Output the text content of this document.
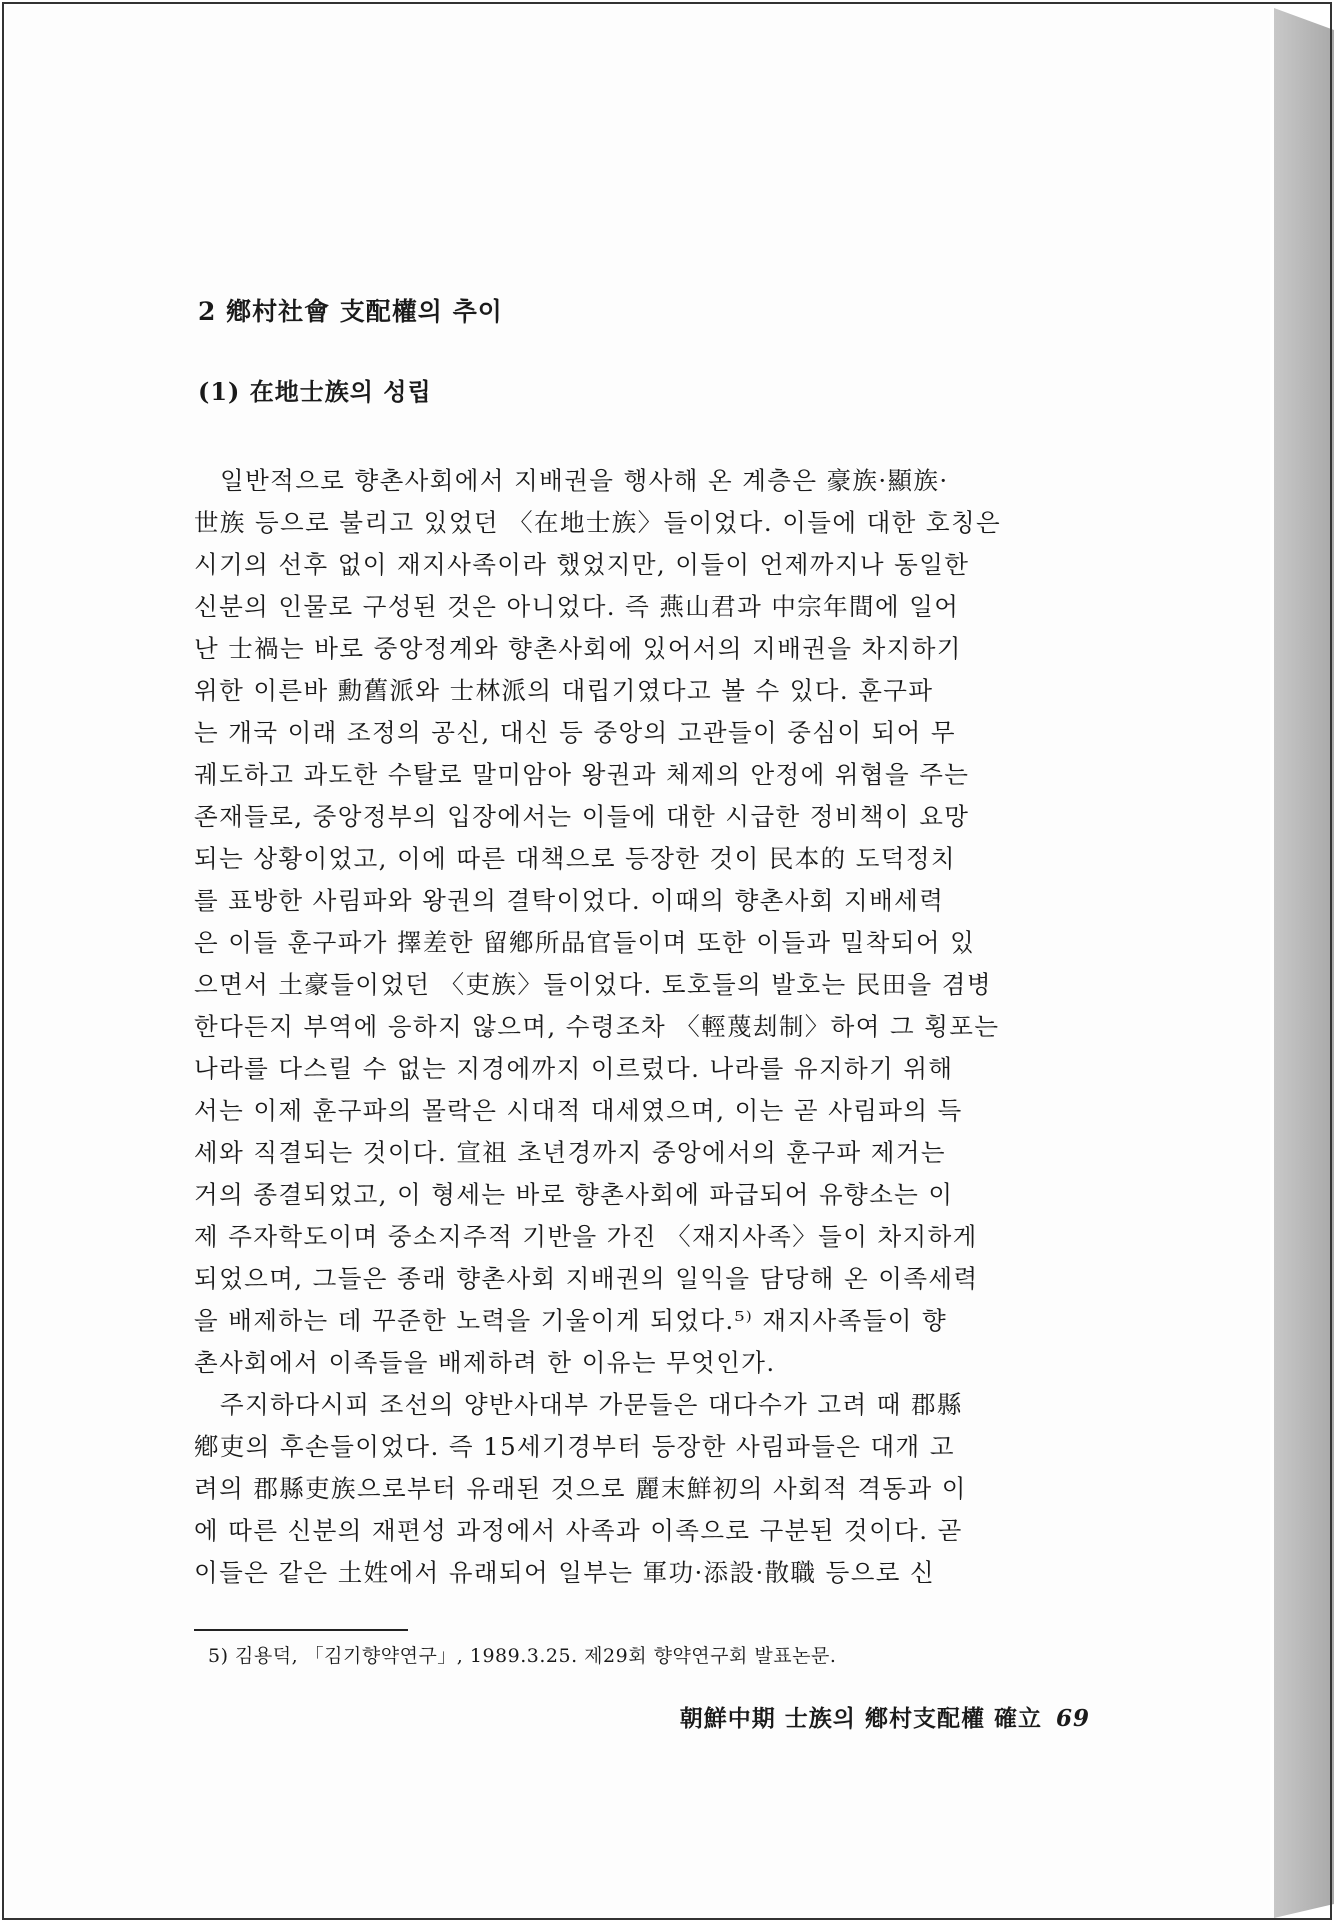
2 鄕村社會 支配權의 추이
(1) 在地士族의 성립
일반적으로 향촌사회에서 지배권을 행사해 온 계층은 豪族·顯族·
世族 등으로 불리고 있었던 〈在地士族〉들이었다. 이들에 대한 호칭은
시기의 선후 없이 재지사족이라 했었지만, 이들이 언제까지나 동일한
신분의 인물로 구성된 것은 아니었다. 즉 燕山君과 中宗年間에 일어
난 士禍는 바로 중앙정계와 향촌사회에 있어서의 지배권을 차지하기
위한 이른바 勳舊派와 士林派의 대립기였다고 볼 수 있다. 훈구파
는 개국 이래 조정의 공신, 대신 등 중앙의 고관들이 중심이 되어 무
궤도하고 과도한 수탈로 말미암아 왕권과 체제의 안정에 위협을 주는
존재들로, 중앙정부의 입장에서는 이들에 대한 시급한 정비책이 요망
되는 상황이었고, 이에 따른 대책으로 등장한 것이 民本的 도덕정치
를 표방한 사림파와 왕권의 결탁이었다. 이때의 향촌사회 지배세력
은 이들 훈구파가 擇差한 留鄕所品官들이며 또한 이들과 밀착되어 있
으면서 土豪들이었던 〈吏族〉들이었다. 토호들의 발호는 民田을 겸병
한다든지 부역에 응하지 않으며, 수령조차 〈輕蔑刦制〉하여 그 횡포는
나라를 다스릴 수 없는 지경에까지 이르렀다. 나라를 유지하기 위해
서는 이제 훈구파의 몰락은 시대적 대세였으며, 이는 곧 사림파의 득
세와 직결되는 것이다. 宣祖 초년경까지 중앙에서의 훈구파 제거는
거의 종결되었고, 이 형세는 바로 향촌사회에 파급되어 유향소는 이
제 주자학도이며 중소지주적 기반을 가진 〈재지사족〉들이 차지하게
되었으며, 그들은 종래 향촌사회 지배권의 일익을 담당해 온 이족세력
을 배제하는 데 꾸준한 노력을 기울이게 되었다.⁵⁾ 재지사족들이 향
촌사회에서 이족들을 배제하려 한 이유는 무엇인가.
주지하다시피 조선의 양반사대부 가문들은 대다수가 고려 때 郡縣
鄕吏의 후손들이었다. 즉 15세기경부터 등장한 사림파들은 대개 고
려의 郡縣吏族으로부터 유래된 것으로 麗末鮮初의 사회적 격동과 이
에 따른 신분의 재편성 과정에서 사족과 이족으로 구분된 것이다. 곧
이들은 같은 土姓에서 유래되어 일부는 軍功·添設·散職 등으로 신

5) 김용덕, 「김기향약연구」, 1989.3.25. 제29회 향약연구회 발표논문.

朝鮮中期 士族의 鄕村支配權 確立 69
